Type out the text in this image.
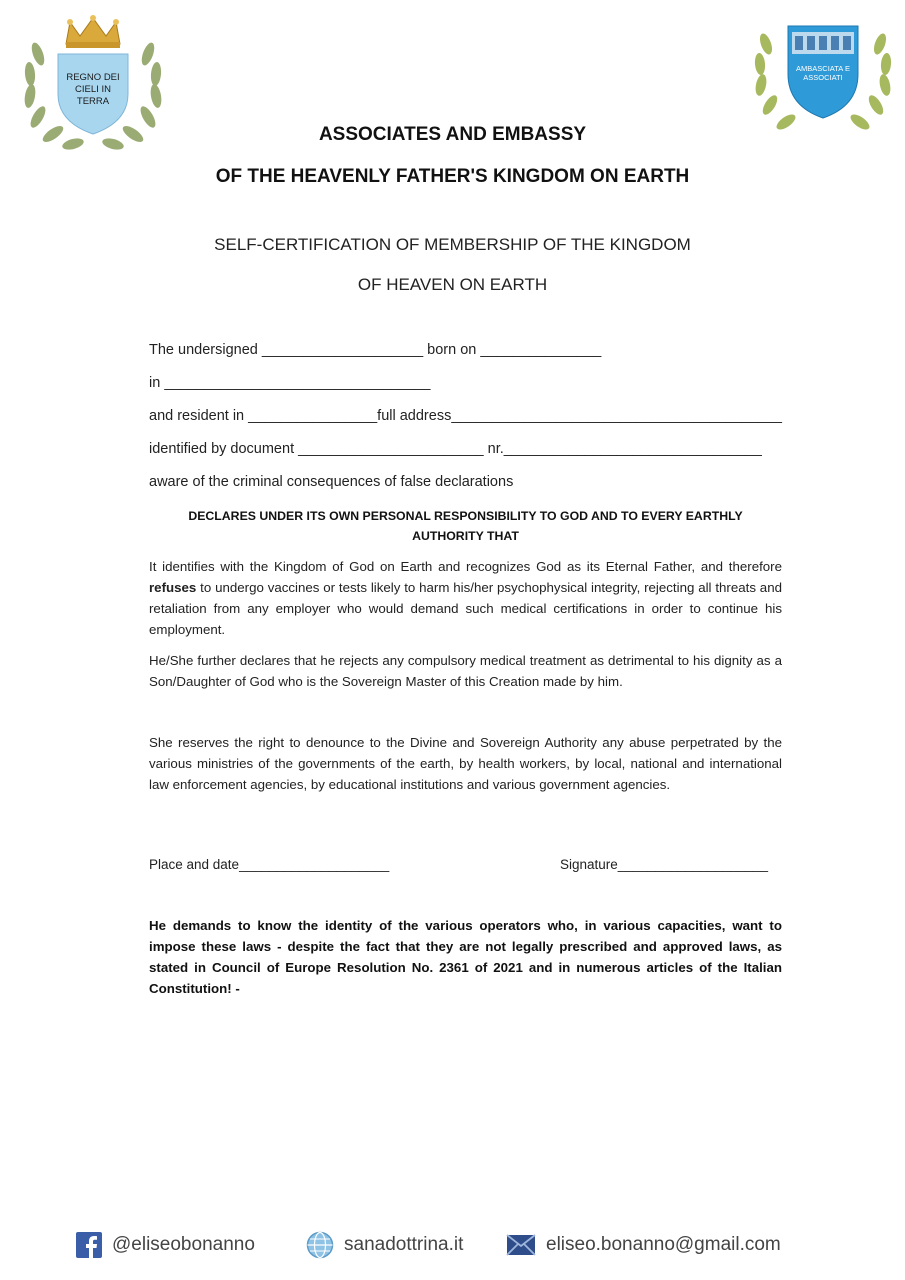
REGNO DEI CIELI IN TERRA
AMBASCIATA E ASSOCIATI
ASSOCIATES AND EMBASSY
OF THE HEAVENLY FATHER'S KINGDOM ON EARTH
SELF-CERTIFICATION OF MEMBERSHIP OF THE KINGDOM
OF HEAVEN ON EARTH
The undersigned ____________________ born on _______________
in _________________________________
and resident in ________________full address_________________________________________
identified by document _______________________ nr.________________________________
aware of the criminal consequences of false declarations
DECLARES UNDER ITS OWN PERSONAL RESPONSIBILITY TO GOD AND TO EVERY EARTHLY
AUTHORITY THAT
It identifies with the Kingdom of God on Earth and recognizes God as its Eternal Father, and therefore refuses to undergo vaccines or tests likely to harm his/her psychophysical integrity, rejecting all threats and retaliation from any employer who would demand such medical certifications in order to continue his employment.
He/She further declares that he rejects any compulsory medical treatment as detrimental to his dignity as a Son/Daughter of God who is the Sovereign Master of this Creation made by him.
She reserves the right to denounce to the Divine and Sovereign Authority any abuse perpetrated by the various ministries of the governments of the earth, by health workers, by local, national and international law enforcement agencies, by educational institutions and various government agencies.
Place and date____________________	Signature____________________
He demands to know the identity of the various operators who, in various capacities, want to impose these laws - despite the fact that they are not legally prescribed and approved laws, as stated in Council of Europe Resolution No. 2361 of 2021 and in numerous articles of the Italian Constitution! -
@eliseobonanno	sanadottrina.it	eliseo.bonanno@gmail.com
